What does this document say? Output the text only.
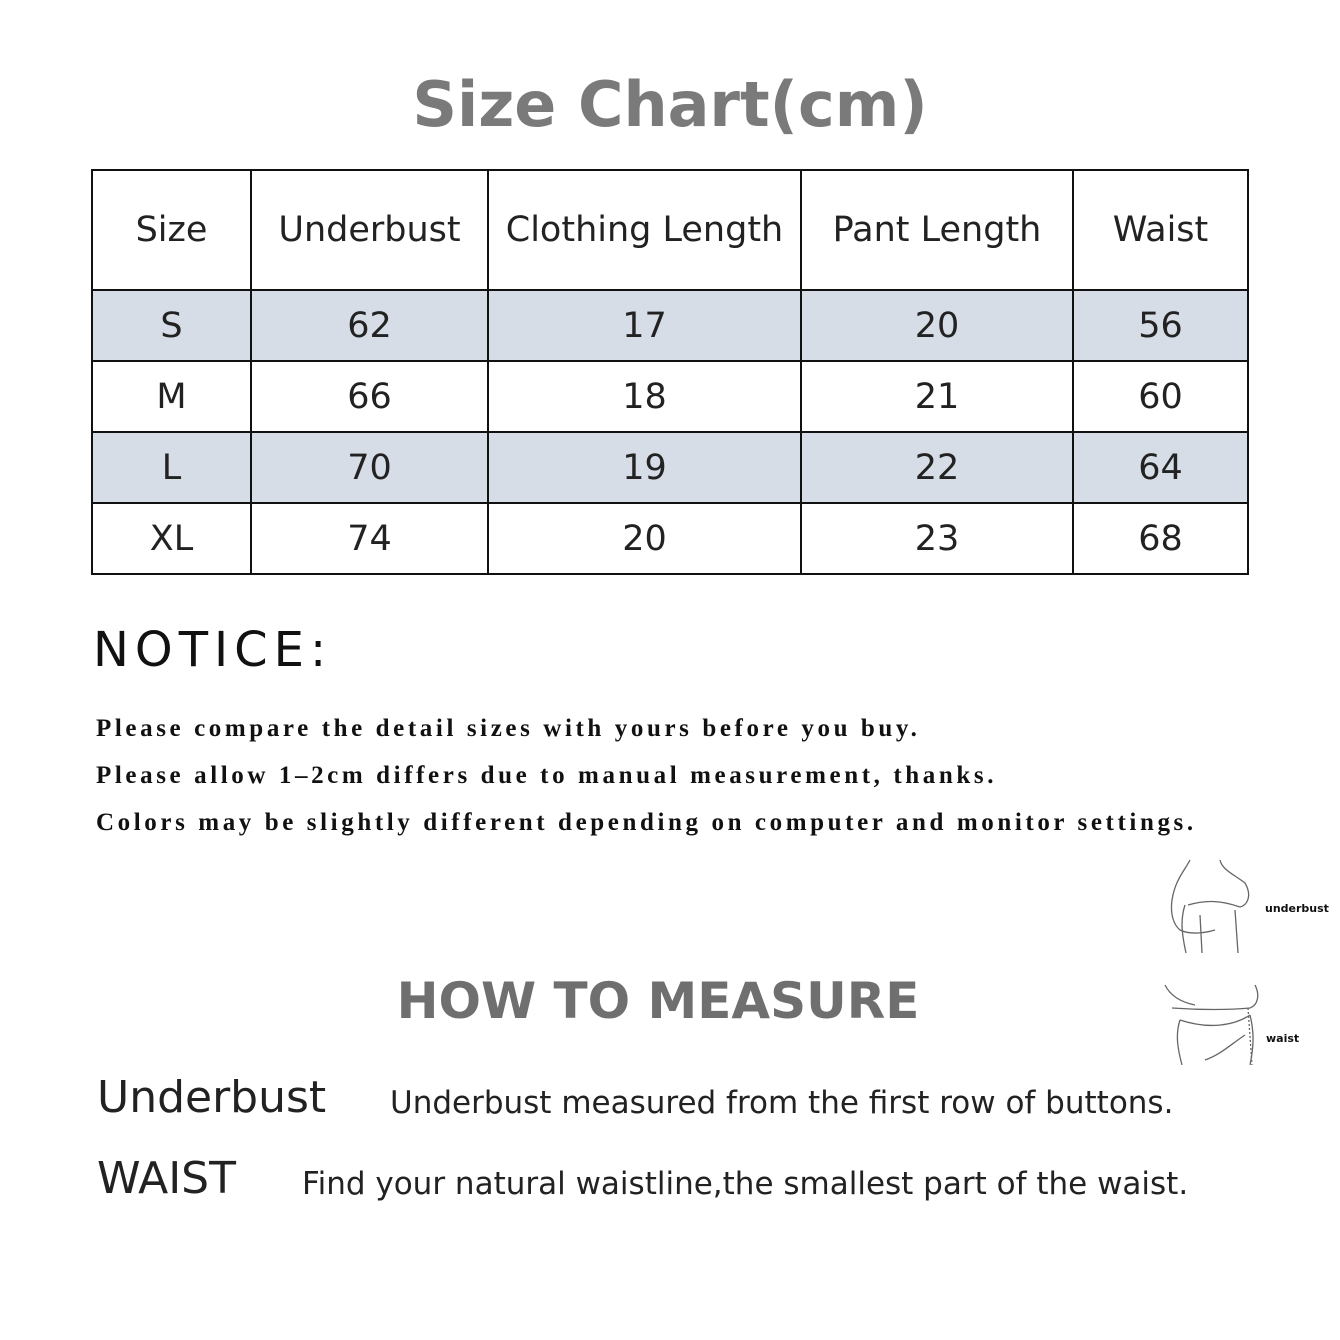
Size Chart(cm)
Size	Underbust	Clothing Length	Pant Length	Waist
S	62	17	20	56
M	66	18	21	60
L	70	19	22	64
XL	74	20	23	68
NOTICE:
Please compare the detail sizes with yours before you buy.
Please allow 1–2cm differs due to manual measurement, thanks.
Colors may be slightly different depending on computer and monitor settings.
underbust
waist
HOW TO MEASURE
Underbust Underbust measured from the first row of buttons.
WAIST Find your natural waistline,the smallest part of the waist.
